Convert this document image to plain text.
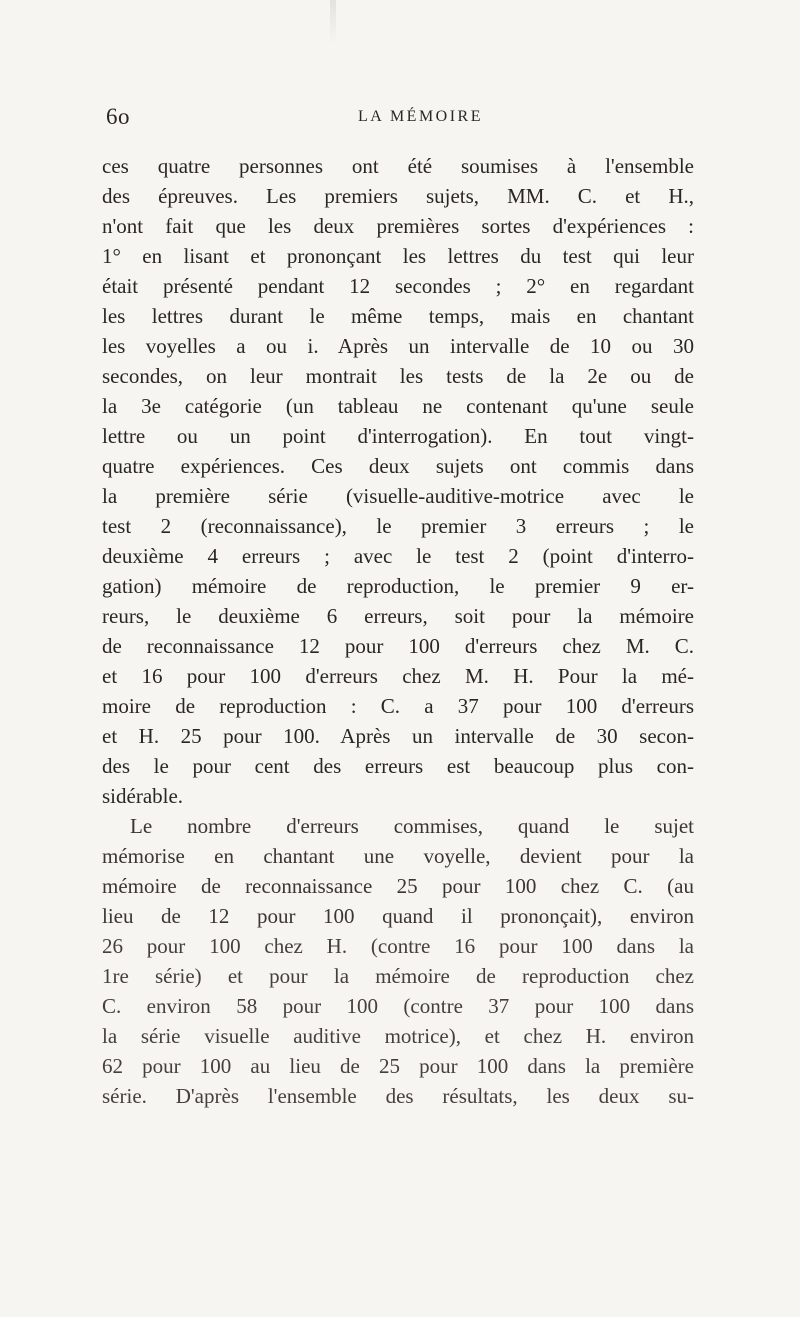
6o	LA MÉMOIRE
ces quatre personnes ont été soumises à l'ensemble
des épreuves. Les premiers sujets, MM. C. et H.,
n'ont fait que les deux premières sortes d'expériences :
1° en lisant et prononçant les lettres du test qui leur
était présenté pendant 12 secondes ; 2° en regardant
les lettres durant le même temps, mais en chantant
les voyelles a ou i. Après un intervalle de 10 ou 30
secondes, on leur montrait les tests de la 2e ou de
la 3e catégorie (un tableau ne contenant qu'une seule
lettre ou un point d'interrogation). En tout vingt-
quatre expériences. Ces deux sujets ont commis dans
la première série (visuelle-auditive-motrice avec le
test 2 (reconnaissance), le premier 3 erreurs ; le
deuxième 4 erreurs ; avec le test 2 (point d'interro-
gation) mémoire de reproduction, le premier 9 er-
reurs, le deuxième 6 erreurs, soit pour la mémoire
de reconnaissance 12 pour 100 d'erreurs chez M. C.
et 16 pour 100 d'erreurs chez M. H. Pour la mé-
moire de reproduction : C. a 37 pour 100 d'erreurs
et H. 25 pour 100. Après un intervalle de 30 secon-
des le pour cent des erreurs est beaucoup plus con-
sidérable.
Le nombre d'erreurs commises, quand le sujet
mémorise en chantant une voyelle, devient pour la
mémoire de reconnaissance 25 pour 100 chez C. (au
lieu de 12 pour 100 quand il prononçait), environ
26 pour 100 chez H. (contre 16 pour 100 dans la
1re série) et pour la mémoire de reproduction chez
C. environ 58 pour 100 (contre 37 pour 100 dans
la série visuelle auditive motrice), et chez H. environ
62 pour 100 au lieu de 25 pour 100 dans la première
série. D'après l'ensemble des résultats, les deux su-
